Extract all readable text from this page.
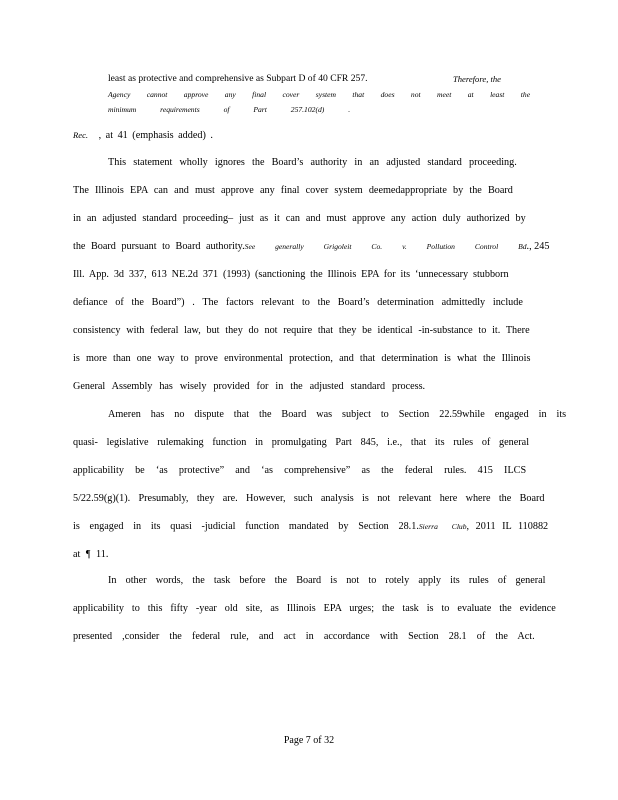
least as protective and comprehensive as Subpart D of 40 CFR 257.	Therefore, the
Agency cannot approve any final cover system that does not meet at least the
minimum requirements of Part 257.102(d) .
Rec. , at 41 (emphasis added) .
This statement wholly ignores the Board’s authority in an adjusted standard proceeding.
The Illinois EPA can and must approve any final cover system deemedappropriate by the Board
in an adjusted standard proceeding– just as it can and must approve any action duly authorized by
the Board pursuant to Board authority. See generally Grigoleit Co. v. Pollution Control Bd ., 245
Ill. App. 3d 337, 613 NE.2d 371 (1993) (sanctioning the Illinois EPA for its ‘unnecessary stubborn
defiance of the Board”) . The factors relevant to the Board’s determination admittedly include
consistency with federal law, but they do not require that they be identical -in-substance to it. There
is more than one way to prove environmental protection, and that determination is what the Illinois
General Assembly has wisely provided for in the adjusted standard process.
Ameren has no dispute that the Board was subject to Section 22.59while engaged in its
quasi- legislative rulemaking function in promulgating Part 845, i.e., that its rules of general
applicability be ‘as protective” and ‘as comprehensive” as the federal rules. 415 ILCS
5/22.59(g)(1). Presumably, they are. However, such analysis is not relevant here where the Board
is engaged in its quasi -judicial function mandated by Section 28.1. Sierra Club , 2011 IL 110882
at ¶ 11.
In other words, the task before the Board is not to rotely apply its rules of general
applicability to this fifty -year old site, as Illinois EPA urges; the task is to evaluate the evidence
presented ,consider the federal rule, and act in accordance with Section 28.1 of the Act.
Page 7 of 32
